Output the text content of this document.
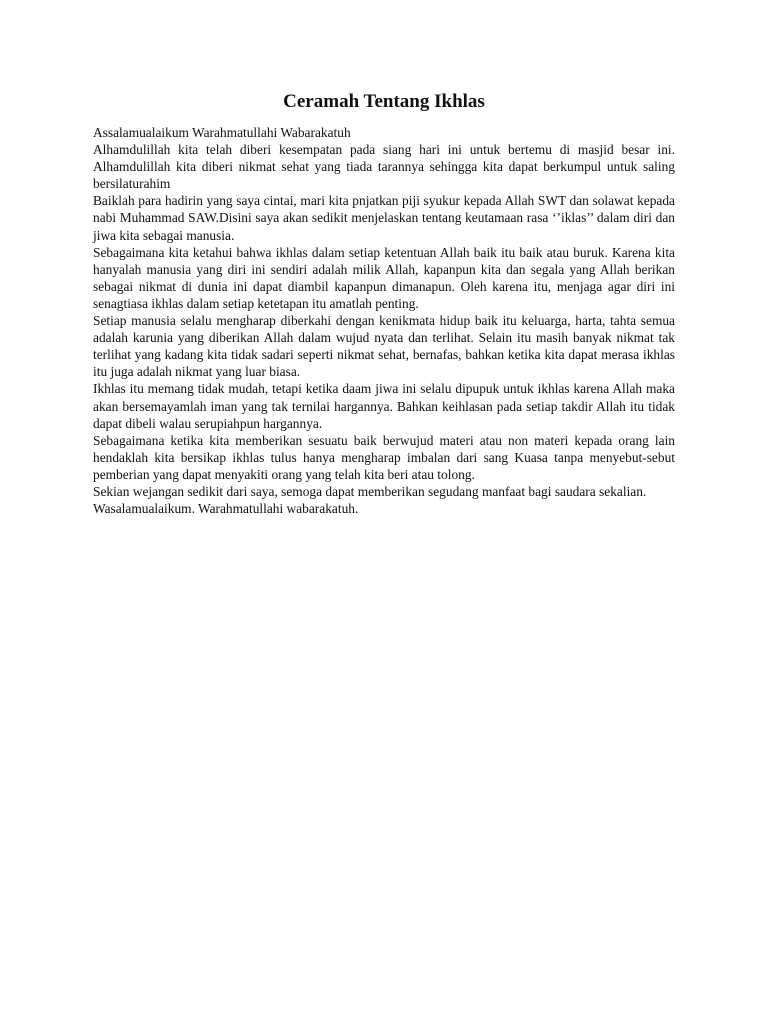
Ceramah Tentang Ikhlas

Assalamualaikum Warahmatullahi Wabarakatuh

Alhamdulillah kita telah diberi kesempatan pada siang hari ini untuk bertemu di masjid besar ini. Alhamdulillah kita diberi nikmat sehat yang tiada tarannya sehingga kita dapat berkumpul untuk saling bersilaturahim

Baiklah para hadirin yang saya cintai, mari kita pnjatkan piji syukur kepada Allah SWT dan solawat kepada nabi Muhammad SAW.Disini saya akan sedikit menjelaskan tentang keutamaan rasa ‘’iklas’’ dalam diri dan jiwa kita sebagai manusia.

Sebagaimana kita ketahui bahwa ikhlas dalam setiap ketentuan Allah baik itu baik atau buruk. Karena kita hanyalah manusia yang diri ini sendiri adalah milik Allah, kapanpun kita dan segala yang Allah berikan sebagai nikmat di dunia ini dapat diambil kapanpun dimanapun. Oleh karena itu, menjaga agar diri ini senagtiasa ikhlas dalam setiap ketetapan itu amatlah penting.

Setiap manusia selalu mengharap diberkahi dengan kenikmata hidup baik itu keluarga, harta, tahta semua adalah karunia yang diberikan Allah dalam wujud nyata dan terlihat. Selain itu masih banyak nikmat tak terlihat yang kadang kita tidak sadari seperti nikmat sehat, bernafas, bahkan ketika kita dapat merasa ikhlas itu juga adalah nikmat yang luar biasa.

Ikhlas itu memang tidak mudah, tetapi ketika daam jiwa ini selalu dipupuk untuk ikhlas karena Allah maka akan bersemayamlah iman yang tak ternilai hargannya. Bahkan keihlasan pada setiap takdir Allah itu tidak dapat dibeli walau serupiahpun hargannya.

Sebagaimana ketika kita memberikan sesuatu baik berwujud materi atau non materi kepada orang lain hendaklah kita bersikap ikhlas tulus hanya mengharap imbalan dari sang Kuasa tanpa menyebut-sebut pemberian yang dapat menyakiti orang yang telah kita beri atau tolong.

Sekian wejangan sedikit dari saya, semoga dapat memberikan segudang manfaat bagi saudara sekalian.

Wasalamualaikum. Warahmatullahi wabarakatuh.
